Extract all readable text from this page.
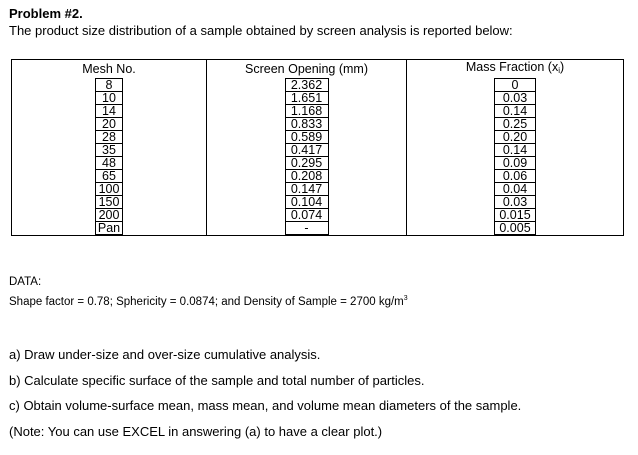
Problem #2.

The product size distribution of a sample obtained by screen analysis is reported below:

Mesh No.	Screen Opening (mm)	Mass Fraction $(x_i)$
8	2.362	0
10	1.651	0.03
14	1.168	0.14
20	0.833	0.25
28	0.589	0.20
35	0.417	0.14
48	0.295	0.09
65	0.208	0.06
100	0.147	0.04
150	0.104	0.03
200	0.074	0.015
Pan	-	0.005

DATA:

Shape factor = 0.78; Sphericity = 0.0874; and Density of Sample = 2700 $kg/m^3$

a) Draw under-size and over-size cumulative analysis.

b) Calculate specific surface of the sample and total number of particles.

c) Obtain volume-surface mean, mass mean, and volume mean diameters of the sample.

(Note: You can use EXCEL in answering (a) to have a clear plot.)
